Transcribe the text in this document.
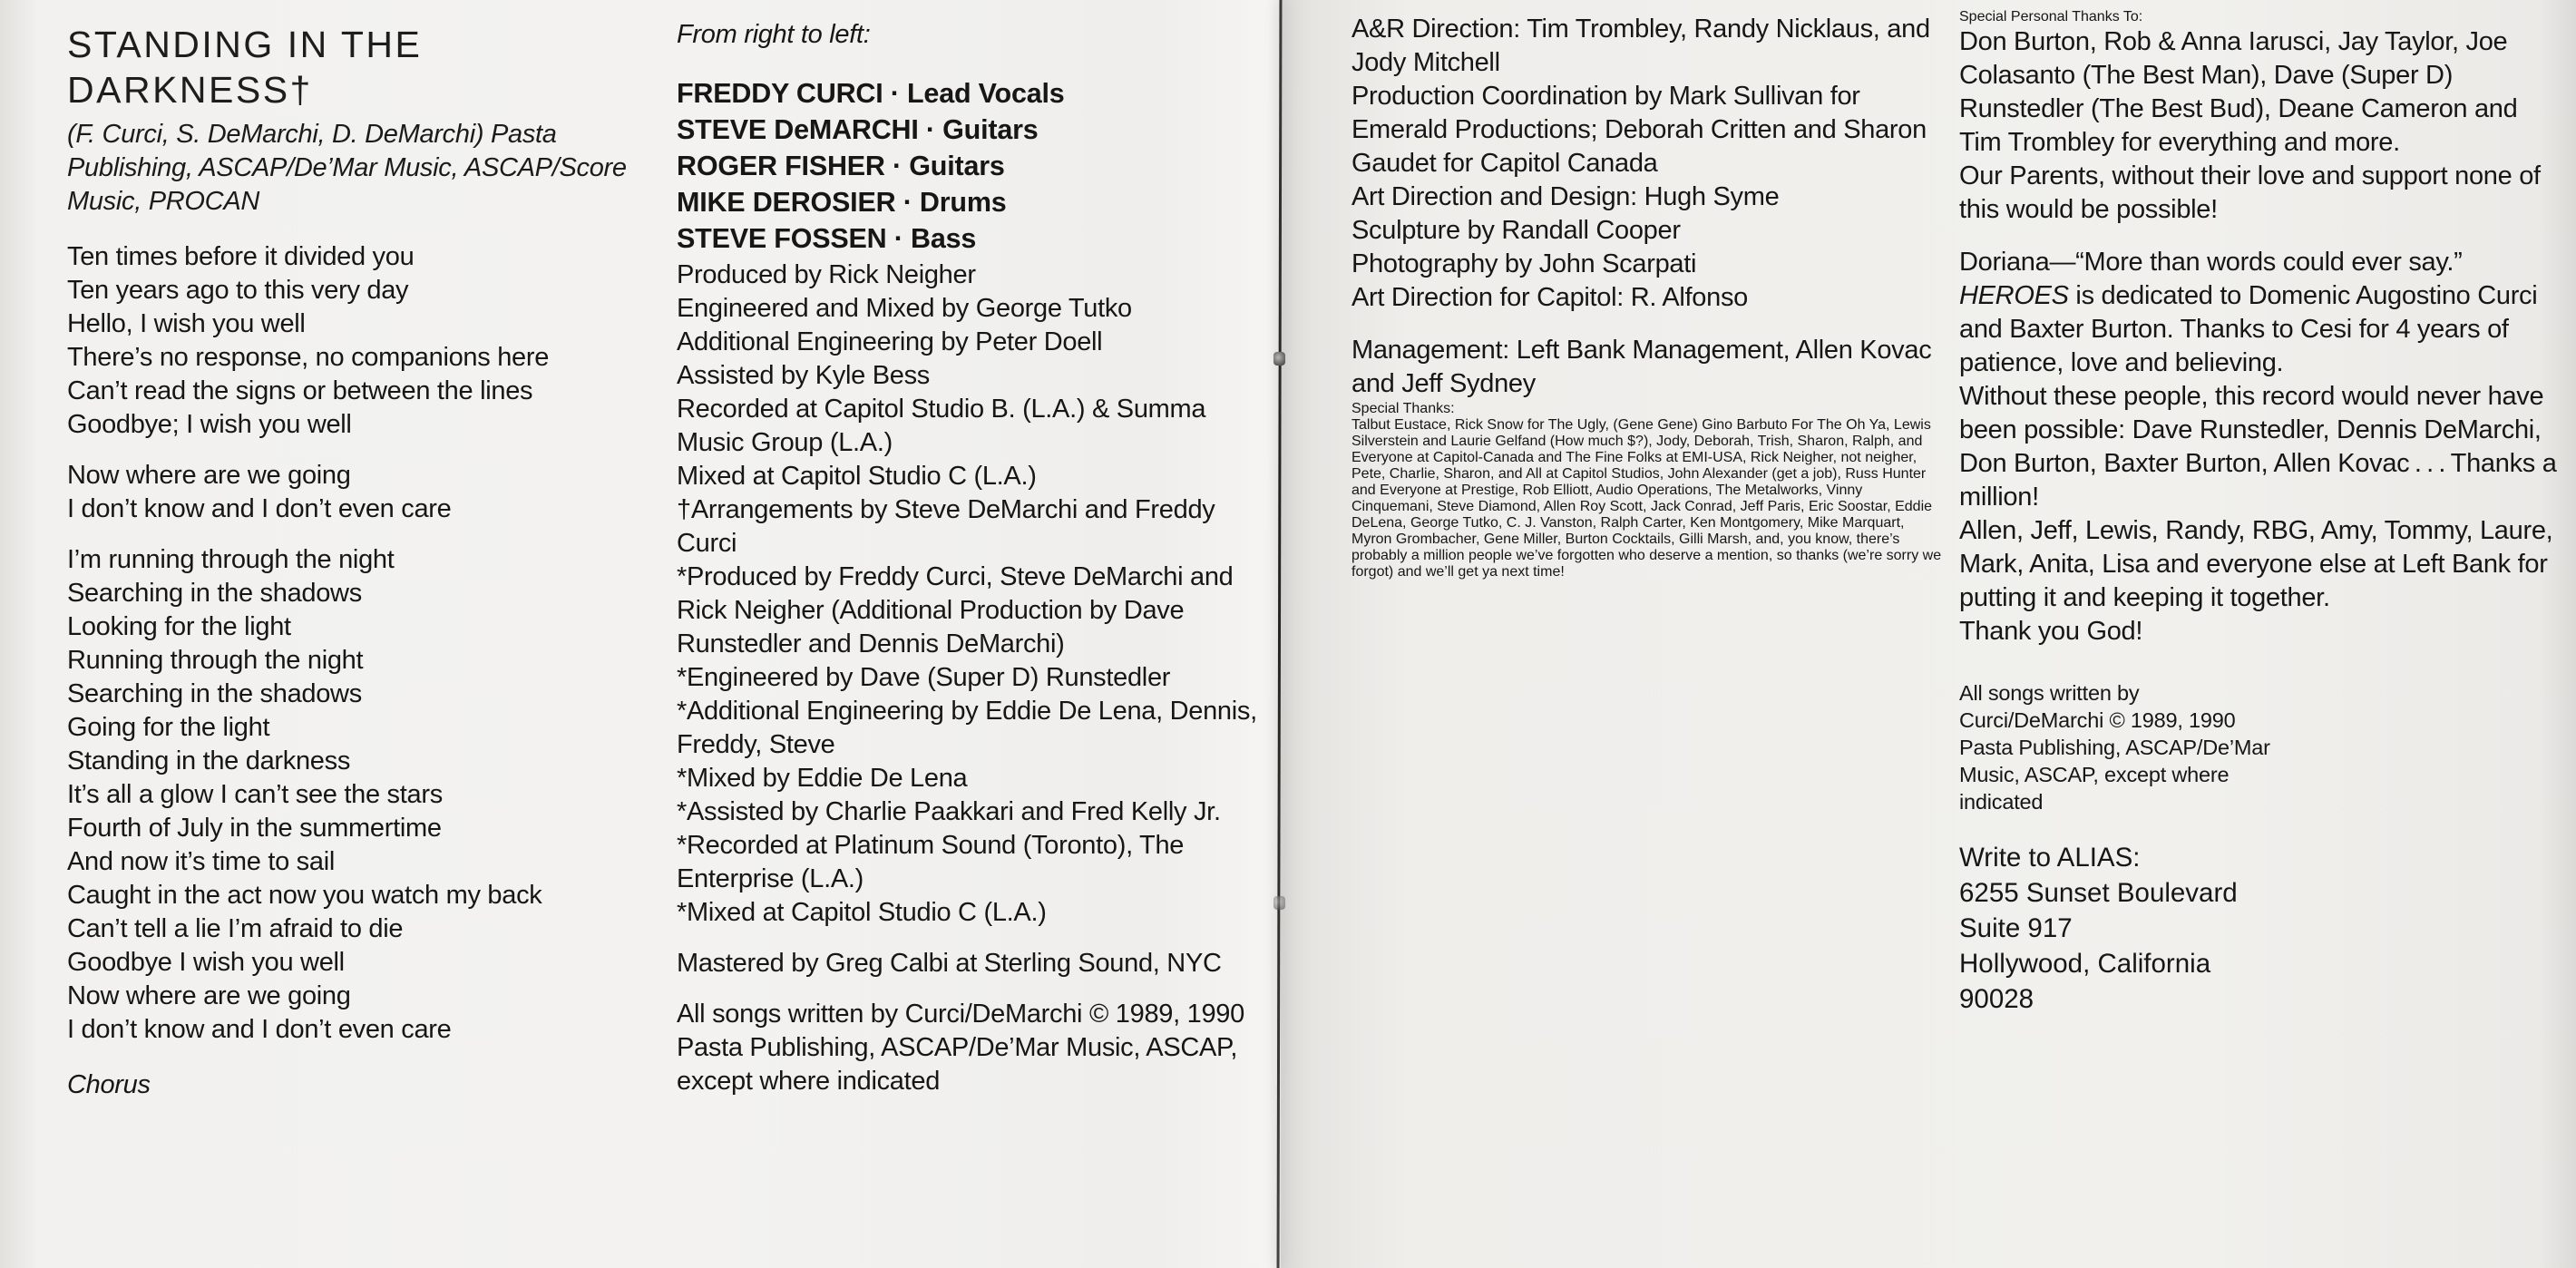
STANDING IN THE
DARKNESS†

(F. Curci, S. DeMarchi, D. DeMarchi) Pasta Publishing, ASCAP/De’Mar Music, ASCAP/Score Music, PROCAN

Ten times before it divided you
Ten years ago to this very day
Hello, I wish you well
There’s no response, no companions here
Can’t read the signs or between the lines
Goodbye; I wish you well
Now where are we going
I don’t know and I don’t even care
I’m running through the night
Searching in the shadows
Looking for the light
Running through the night
Searching in the shadows
Going for the light
Standing in the darkness
It’s all a glow I can’t see the stars
Fourth of July in the summertime
And now it’s time to sail
Caught in the act now you watch my back
Can’t tell a lie I’m afraid to die
Goodbye I wish you well
Now where are we going
I don’t know and I don’t even care

Chorus

From right to left:

FREDDY CURCI · Lead Vocals
STEVE DeMARCHI · Guitars
ROGER FISHER · Guitars
MIKE DEROSIER · Drums
STEVE FOSSEN · Bass

Produced by Rick Neigher

Engineered and Mixed by George Tutko

Additional Engineering by Peter Doell

Assisted by Kyle Bess

Recorded at Capitol Studio B. (L.A.) & Summa Music Group (L.A.)

Mixed at Capitol Studio C (L.A.)

†Arrangements by Steve DeMarchi and Freddy Curci

*Produced by Freddy Curci, Steve DeMarchi and Rick Neigher (Additional Production by Dave Runstedler and Dennis DeMarchi)

*Engineered by Dave (Super D) Runstedler

*Additional Engineering by Eddie De Lena, Dennis, Freddy, Steve

*Mixed by Eddie De Lena

*Assisted by Charlie Paakkari and Fred Kelly Jr.

*Recorded at Platinum Sound (Toronto), The Enterprise (L.A.)

*Mixed at Capitol Studio C (L.A.)

Mastered by Greg Calbi at Sterling Sound, NYC

All songs written by Curci/DeMarchi © 1989, 1990

Pasta Publishing, ASCAP/De’Mar Music, ASCAP, except where indicated

A&R Direction: Tim Trombley, Randy Nicklaus, and Jody Mitchell

Production Coordination by Mark Sullivan for Emerald Productions; Deborah Critten and Sharon Gaudet for Capitol Canada

Art Direction and Design: Hugh Syme

Sculpture by Randall Cooper

Photography by John Scarpati

Art Direction for Capitol: R. Alfonso

Management: Left Bank Management, Allen Kovac and Jeff Sydney

Special Thanks:
Talbut Eustace, Rick Snow for The Ugly, (Gene Gene) Gino Barbuto For The Oh Ya, Lewis Silverstein and Laurie Gelfand (How much $?), Jody, Deborah, Trish, Sharon, Ralph, and Everyone at Capitol-Canada and The Fine Folks at EMI-USA, Rick Neigher, not neigher, Pete, Charlie, Sharon, and All at Capitol Studios, John Alexander (get a job), Russ Hunter and Everyone at Prestige, Rob Elliott, Audio Operations, The Metalworks, Vinny Cinquemani, Steve Diamond, Allen Roy Scott, Jack Conrad, Jeff Paris, Eric Soostar, Eddie DeLena, George Tutko, C. J. Vanston, Ralph Carter, Ken Montgomery, Mike Marquart, Myron Grombacher, Gene Miller, Burton Cocktails, Gilli Marsh, and, you know, there’s probably a million people we’ve forgotten who deserve a mention, so thanks (we’re sorry we forgot) and we’ll get ya next time!
Special Personal Thanks To:

Don Burton, Rob & Anna Iarusci, Jay Taylor, Joe Colasanto (The Best Man), Dave (Super D) Runstedler (The Best Bud), Deane Cameron and Tim Trombley for everything and more.

Our Parents, without their love and support none of this would be possible!

Doriana—“More than words could ever say.”

HEROES is dedicated to Domenic Augostino Curci and Baxter Burton. Thanks to Cesi for 4 years of patience, love and believing.

Without these people, this record would never have been possible: Dave Runstedler, Dennis DeMarchi, Don Burton, Baxter Burton, Allen Kovac . . . Thanks a million!

Allen, Jeff, Lewis, Randy, RBG, Amy, Tommy, Laure, Mark, Anita, Lisa and everyone else at Left Bank for putting it and keeping it together.

Thank you God!

All songs written by
Curci/DeMarchi © 1989, 1990
Pasta Publishing, ASCAP/De’Mar
Music, ASCAP, except where
indicated
Write to ALIAS:
6255 Sunset Boulevard
Suite 917
Hollywood, California
90028
